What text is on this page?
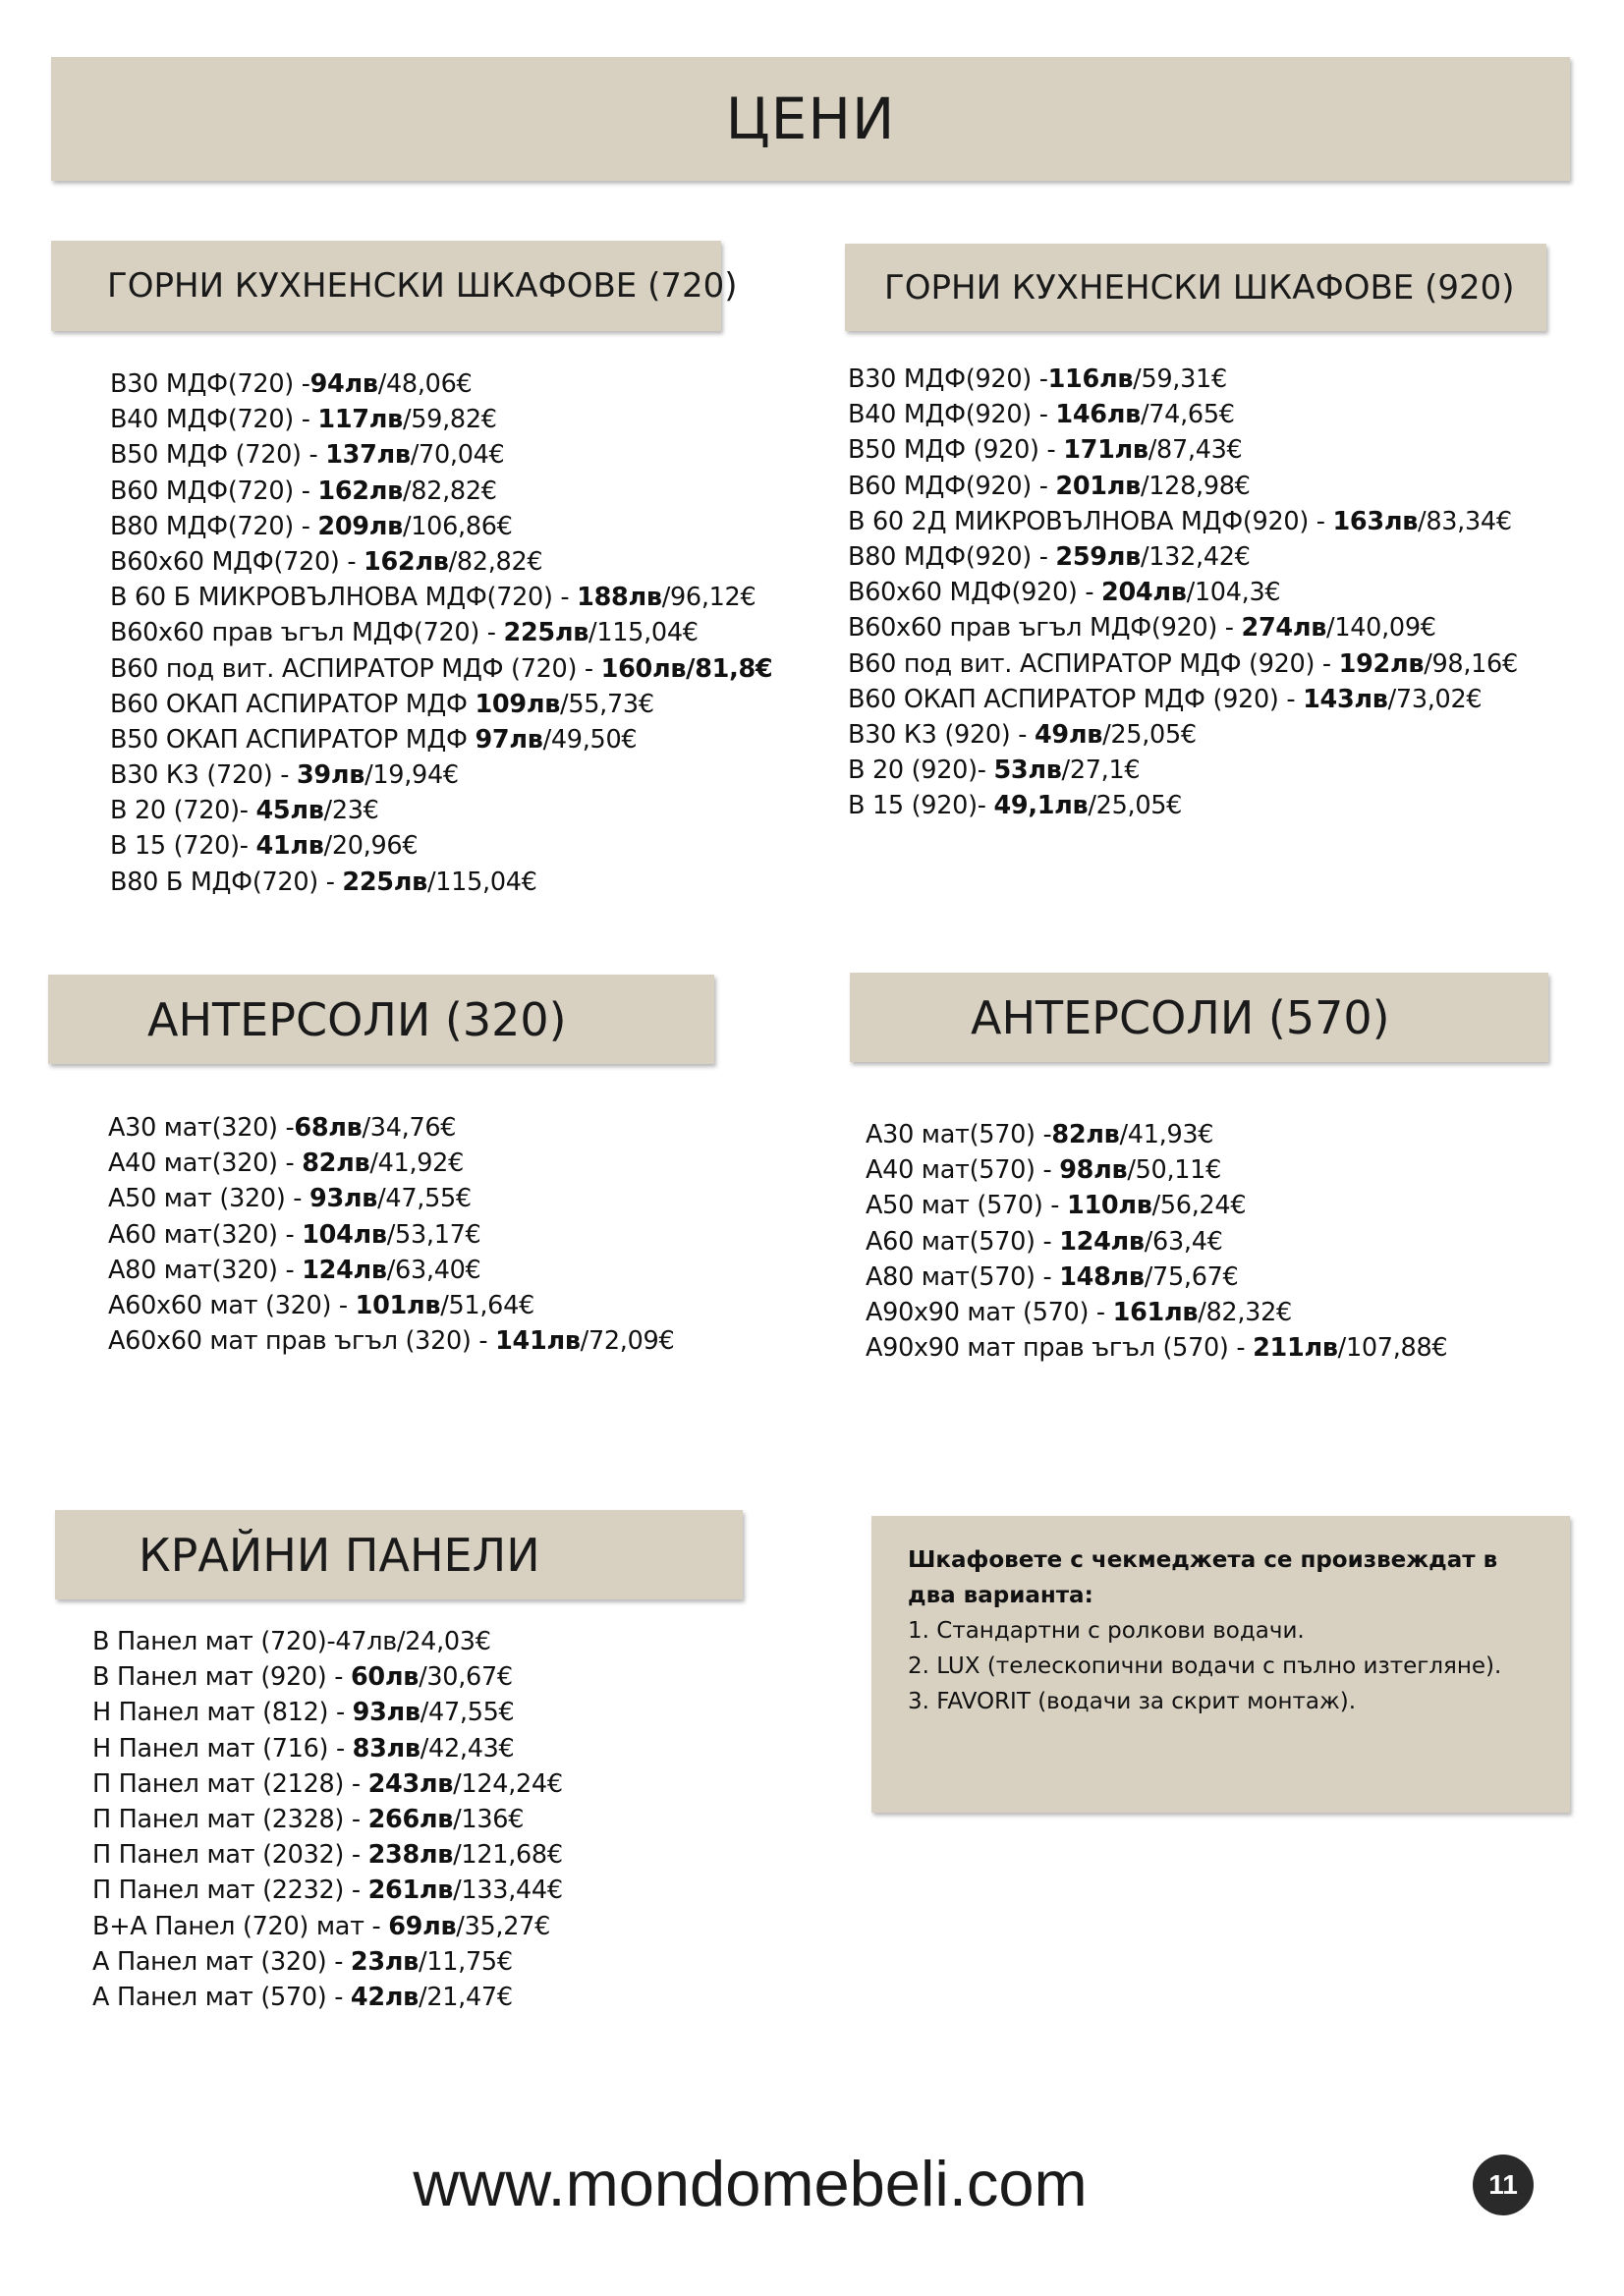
ЦЕНИ
ГОРНИ КУХНЕНСКИ ШКАФОВЕ (720)
В30 МДФ(720) -94лв/48,06€
В40 МДФ(720) - 117лв/59,82€
В50 МДФ (720) - 137лв/70,04€
В60 МДФ(720) - 162лв/82,82€
В80 МДФ(720) - 209лв/106,86€
В60х60 МДФ(720) - 162лв/82,82€
В 60 Б МИКРОВЪЛНОВА МДФ(720) - 188лв/96,12€
В60х60 прав ъгъл МДФ(720) - 225лв/115,04€
В60 под вит. АСПИРАТОР МДФ (720) - 160лв/81,8€
В60 ОКАП АСПИРАТОР МДФ 109лв/55,73€
В50 ОКАП АСПИРАТОР МДФ 97лв/49,50€
В30 К3 (720) - 39лв/19,94€
В 20 (720)- 45лв/23€
В 15 (720)- 41лв/20,96€
В80 Б МДФ(720) - 225лв/115,04€
ГОРНИ КУХНЕНСКИ ШКАФОВЕ (920)
В30 МДФ(920) -116лв/59,31€
В40 МДФ(920) - 146лв/74,65€
В50 МДФ (920) - 171лв/87,43€
В60 МДФ(920) - 201лв/128,98€
В 60 2Д МИКРОВЪЛНОВА МДФ(920) - 163лв/83,34€
В80 МДФ(920) - 259лв/132,42€
В60х60 МДФ(920) - 204лв/104,3€
В60х60 прав ъгъл МДФ(920) - 274лв/140,09€
В60 под вит. АСПИРАТОР МДФ (920) - 192лв/98,16€
В60 ОКАП АСПИРАТОР МДФ (920) - 143лв/73,02€
В30 К3 (920) - 49лв/25,05€
В 20 (920)- 53лв/27,1€
В 15 (920)- 49,1лв/25,05€
АНТЕРСОЛИ (320)
А30 мат(320) -68лв/34,76€
А40 мат(320) - 82лв/41,92€
А50 мат (320) - 93лв/47,55€
А60 мат(320) - 104лв/53,17€
А80 мат(320) - 124лв/63,40€
А60х60 мат (320) - 101лв/51,64€
А60х60 мат прав ъгъл (320) - 141лв/72,09€
АНТЕРСОЛИ (570)
А30 мат(570) -82лв/41,93€
А40 мат(570) - 98лв/50,11€
А50 мат (570) - 110лв/56,24€
А60 мат(570) - 124лв/63,4€
А80 мат(570) - 148лв/75,67€
А90х90 мат (570) - 161лв/82,32€
А90х90 мат прав ъгъл (570) - 211лв/107,88€
КРАЙНИ ПАНЕЛИ
В Панел мат (720)-47лв/24,03€
В Панел мат (920) - 60лв/30,67€
Н Панел мат (812) - 93лв/47,55€
Н Панел мат (716) - 83лв/42,43€
П Панел мат (2128) - 243лв/124,24€
П Панел мат (2328) - 266лв/136€
П Панел мат (2032) - 238лв/121,68€
П Панел мат (2232) - 261лв/133,44€
В+А Панел (720) мат - 69лв/35,27€
А Панел мат (320) - 23лв/11,75€
А Панел мат (570) - 42лв/21,47€
Шкафовете с чекмеджета се произвеждат в два варианта:
1. Стандартни с ролкови водачи.
2. LUX (телескопични водачи с пълно изтегляне).
3. FAVORIT (водачи за скрит монтаж).
www.mondomebeli.com	11
